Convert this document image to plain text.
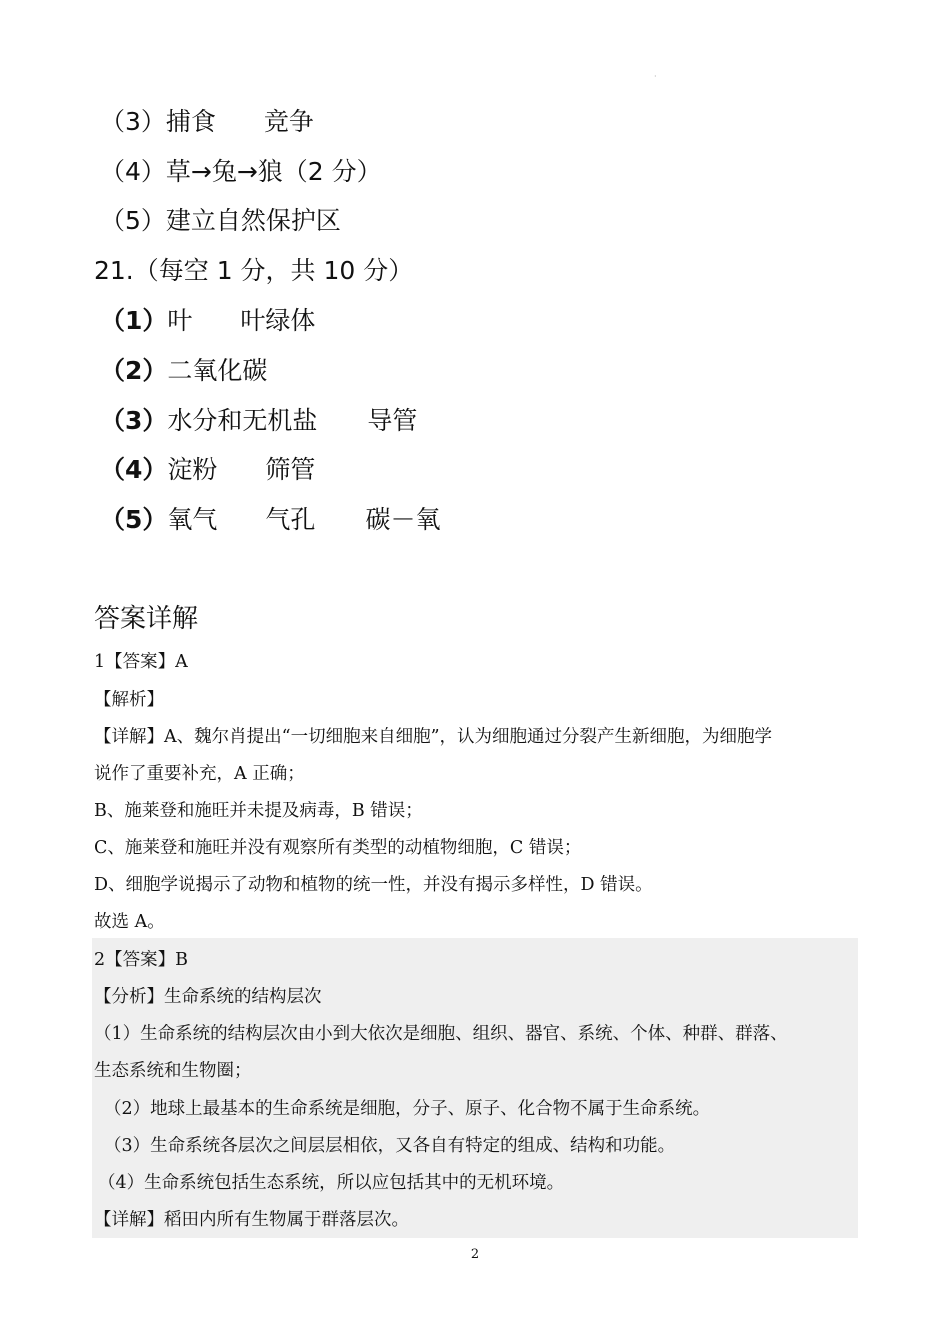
·
（3）捕食 竞争
（4）草→兔→狼（2 分）
（5）建立自然保护区
21.（每空 1 分，共 10 分）
（1）叶 叶绿体
（2）二氧化碳
（3）水分和无机盐 导管
（4）淀粉 筛管
（5）氧气 气孔 碳－氧
答案详解
1【答案】A
【解析】
【详解】A、魏尔肖提出“一切细胞来自细胞”，认为细胞通过分裂产生新细胞，为细胞学
说作了重要补充，A 正确；
B、施莱登和施旺并未提及病毒，B 错误；
C、施莱登和施旺并没有观察所有类型的动植物细胞，C 错误；
D、细胞学说揭示了动物和植物的统一性，并没有揭示多样性，D 错误。
故选 A。
2【答案】B
【分析】生命系统的结构层次
（1）生命系统的结构层次由小到大依次是细胞、组织、器官、系统、个体、种群、群落、
生态系统和生物圈；
（2）地球上最基本的生命系统是细胞，分子、原子、化合物不属于生命系统。
（3）生命系统各层次之间层层相依，又各自有特定的组成、结构和功能。
（4）生命系统包括生态系统，所以应包括其中的无机环境。
【详解】稻田内所有生物属于群落层次。
2
